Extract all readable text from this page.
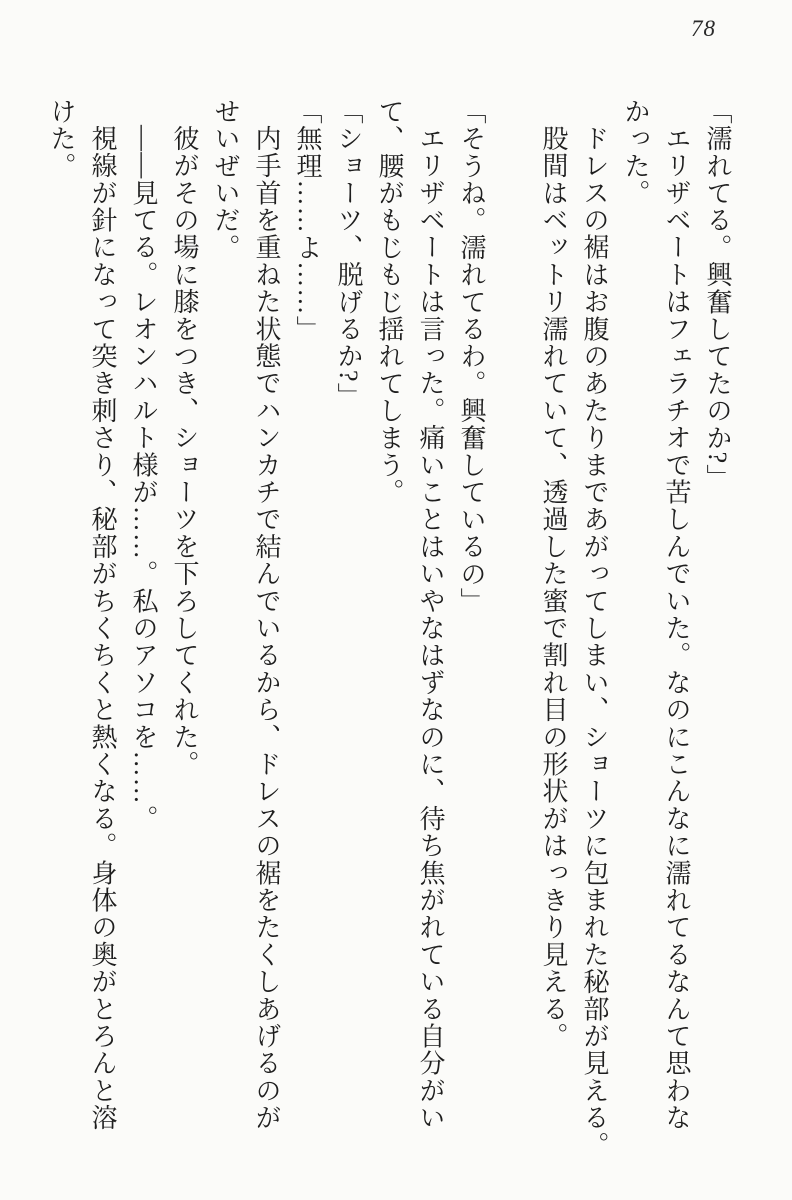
78

「濡れてる。興奮してたのか?」

エリザベートはフェラチオで苦しんでいた。なのにこんなに濡れてるなんて思わな

かった。

ドレスの裾はお腹のあたりまであがってしまい、ショーツに包まれた秘部が見える。

股間はベットリ濡れていて、透過した蜜で割れ目の形状がはっきり見える。

「そうね。濡れてるわ。興奮しているの」

エリザベートは言った。痛いことはいやなはずなのに、待ち焦がれている自分がい

て、腰がもじもじ揺れてしまう。

「ショーツ、脱げるか?」

「無理……よ……」

内手首を重ねた状態でハンカチで結んでいるから、ドレスの裾をたくしあげるのが

せいぜいだ。

彼がその場に膝をつき、ショーツを下ろしてくれた。

――見てる。レオンハルト様が……。私のアソコを……。

視線が針になって突き刺さり、秘部がちくちくと熱くなる。身体の奥がとろんと溶

けた。
